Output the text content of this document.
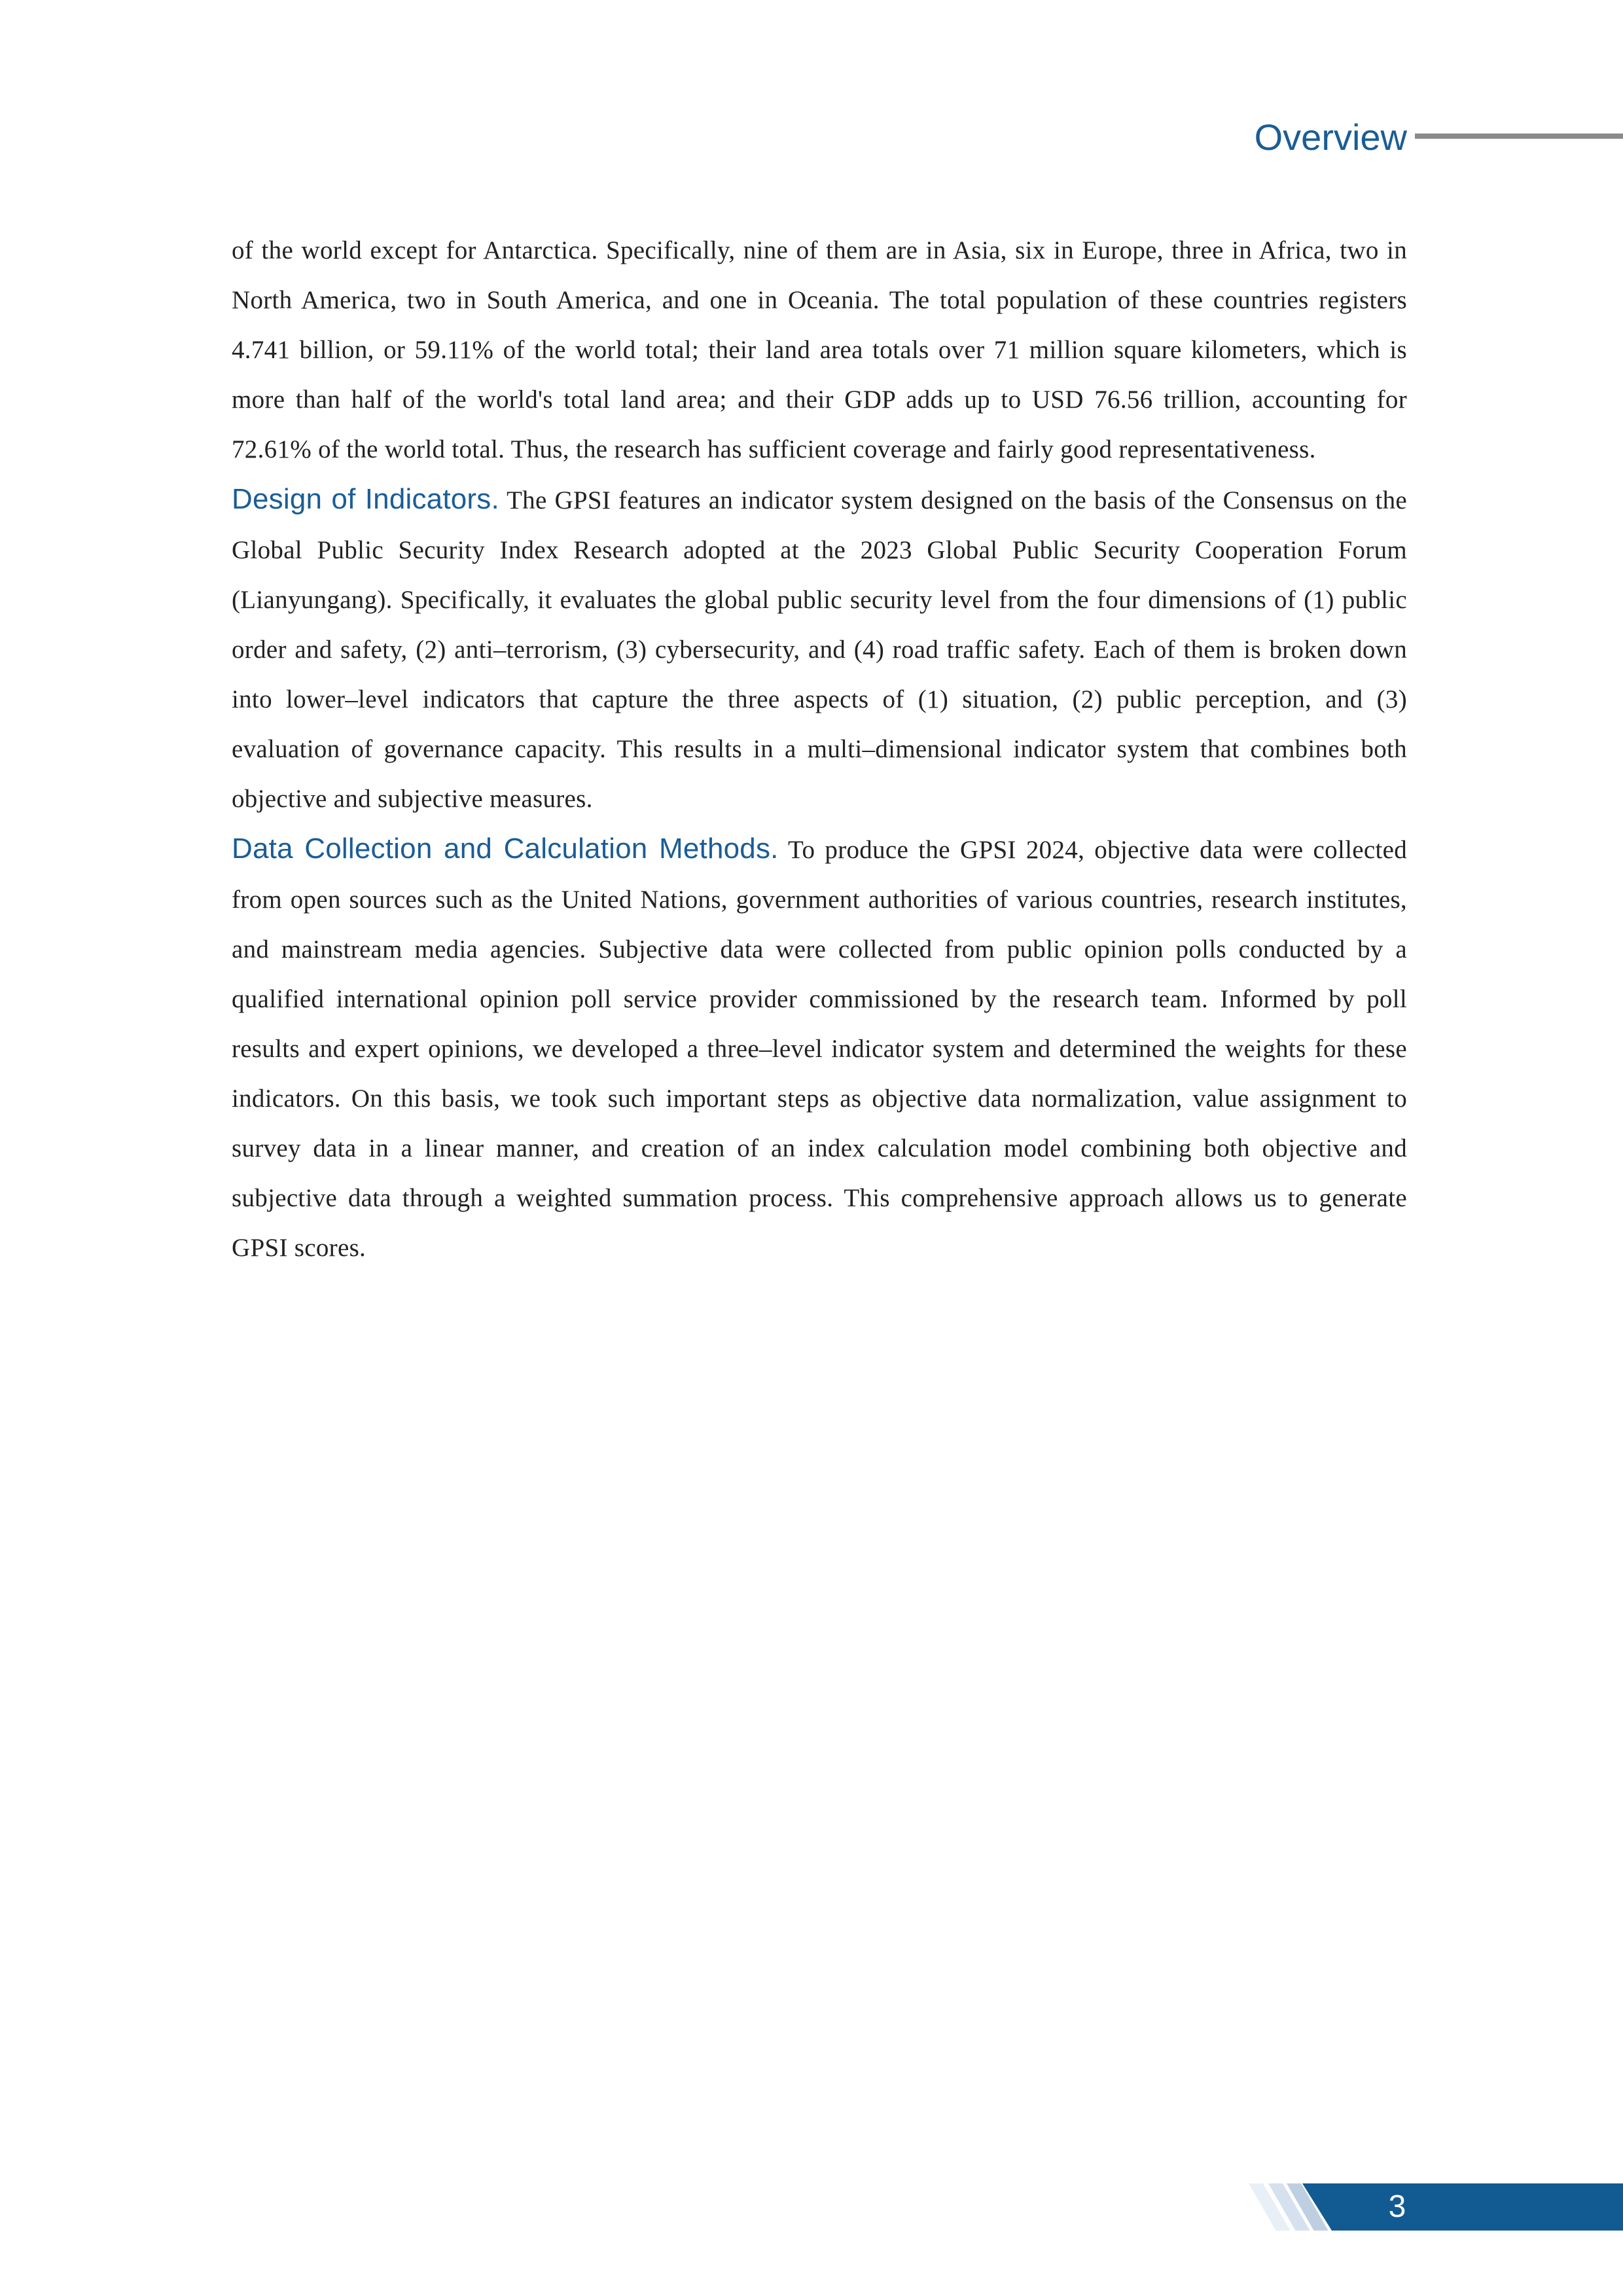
Overview

of the world except for Antarctica. Specifically, nine of them are in Asia, six in Europe, three in Africa, two in North America, two in South America, and one in Oceania. The total population of these countries registers 4.741 billion, or 59.11% of the world total; their land area totals over 71 million square kilometers, which is more than half of the world's total land area; and their GDP adds up to USD 76.56 trillion, accounting for 72.61% of the world total. Thus, the research has sufficient coverage and fairly good representativeness.

Design of Indicators. The GPSI features an indicator system designed on the basis of the Consensus on the Global Public Security Index Research adopted at the 2023 Global Public Security Cooperation Forum (Lianyungang). Specifically, it evaluates the global public security level from the four dimensions of (1) public order and safety, (2) anti–terrorism, (3) cybersecurity, and (4) road traffic safety. Each of them is broken down into lower–level indicators that capture the three aspects of (1) situation, (2) public perception, and (3) evaluation of governance capacity. This results in a multi–dimensional indicator system that combines both objective and subjective measures.

Data Collection and Calculation Methods. To produce the GPSI 2024, objective data were collected from open sources such as the United Nations, government authorities of various countries, research institutes, and mainstream media agencies. Subjective data were collected from public opinion polls conducted by a qualified international opinion poll service provider commissioned by the research team. Informed by poll results and expert opinions, we developed a three–level indicator system and determined the weights for these indicators. On this basis, we took such important steps as objective data normalization, value assignment to survey data in a linear manner, and creation of an index calculation model combining both objective and subjective data through a weighted summation process. This comprehensive approach allows us to generate GPSI scores.

3
